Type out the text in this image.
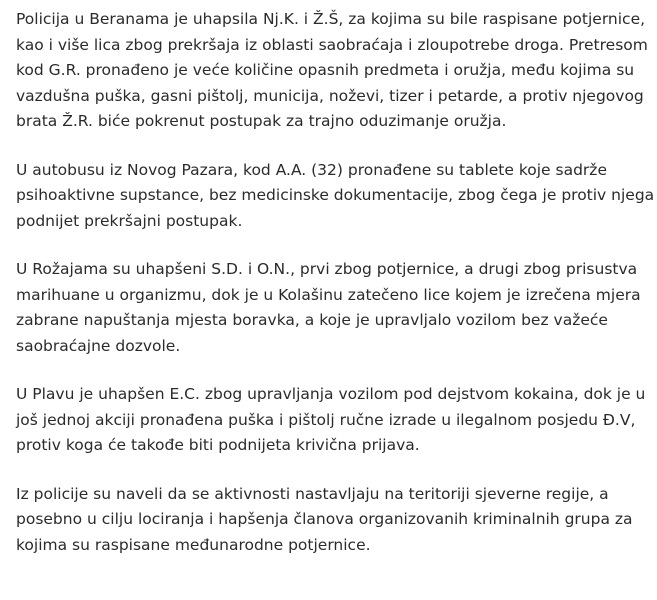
Policija u Beranama je uhapsila Nj.K. i Ž.Š, za kojima su bile raspisane potjernice,
kao i više lica zbog prekršaja iz oblasti saobraćaja i zloupotrebe droga. Pretresom
kod G.R. pronađeno je veće količine opasnih predmeta i oružja, među kojima su
vazdušna puška, gasni pištolj, municija, noževi, tizer i petarde, a protiv njegovog
brata Ž.R. biće pokrenut postupak za trajno oduzimanje oružja.

U autobusu iz Novog Pazara, kod A.A. (32) pronađene su tablete koje sadrže
psihoaktivne supstance, bez medicinske dokumentacije, zbog čega je protiv njega
podnijet prekršajni postupak.

U Rožajama su uhapšeni S.D. i O.N., prvi zbog potjernice, a drugi zbog prisustva
marihuane u organizmu, dok je u Kolašinu zatečeno lice kojem je izrečena mjera
zabrane napuštanja mjesta boravka, a koje je upravljalo vozilom bez važeće
saobraćajne dozvole.

U Plavu je uhapšen E.C. zbog upravljanja vozilom pod dejstvom kokaina, dok je u
još jednoj akciji pronađena puška i pištolj ručne izrade u ilegalnom posjedu Đ.V,
protiv koga će takođe biti podnijeta krivična prijava.

Iz policije su naveli da se aktivnosti nastavljaju na teritoriji sjeverne regije, a
posebno u cilju lociranja i hapšenja članova organizovanih kriminalnih grupa za
kojima su raspisane međunarodne potjernice.
